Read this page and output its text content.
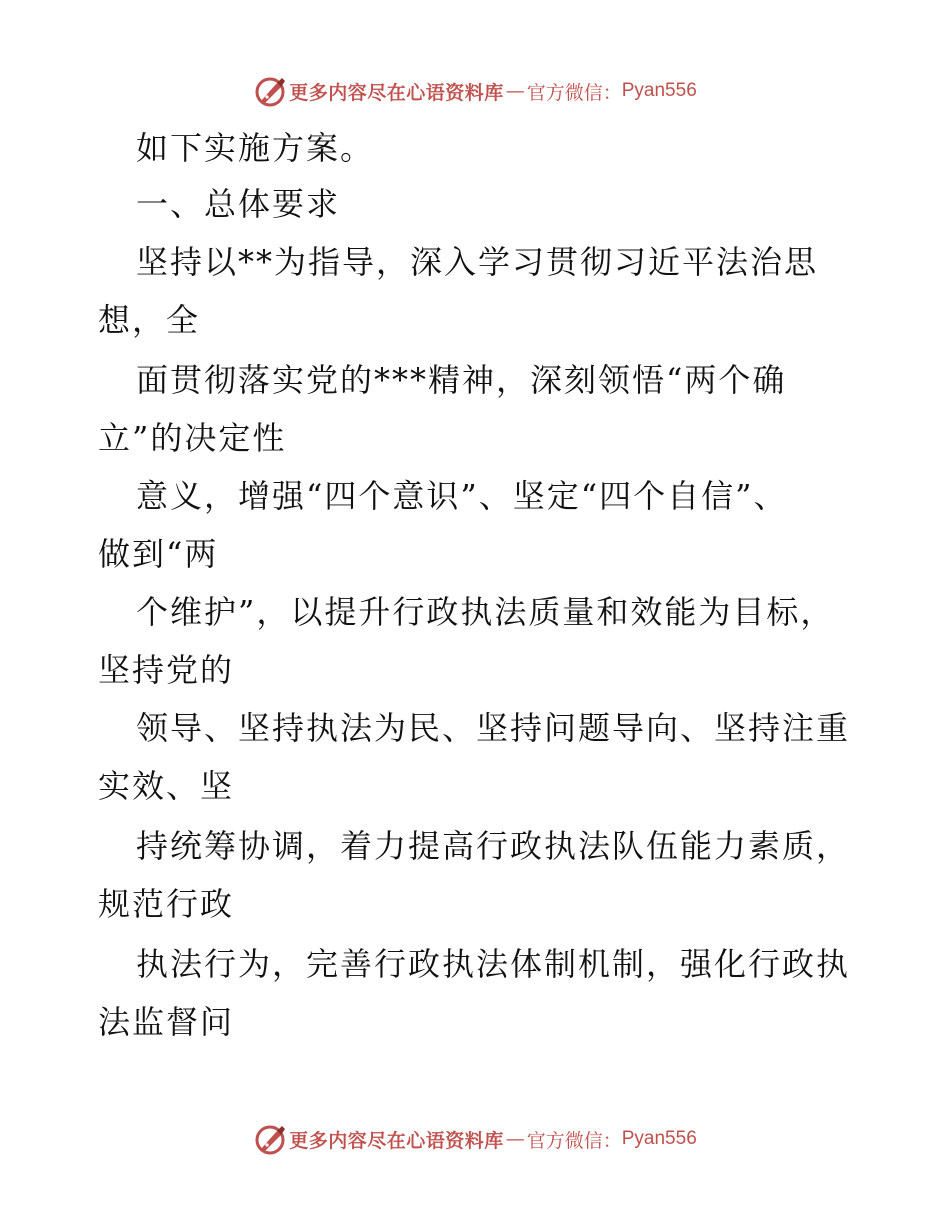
更多内容尽在心语资料库 — 官方微信： Pyan556
如下实施方案。
一、总体要求
坚持以**为指导，深入学习贯彻习近平法治思
想，全
面贯彻落实党的***精神，深刻领悟“两个确
立”的决定性
意义，增强“四个意识”、坚定“四个自信”、
做到“两
个维护”，以提升行政执法质量和效能为目标，
坚持党的
领导、坚持执法为民、坚持问题导向、坚持注重
实效、坚
持统筹协调，着力提高行政执法队伍能力素质，
规范行政
执法行为，完善行政执法体制机制，强化行政执
法监督问
更多内容尽在心语资料库 — 官方微信： Pyan556
